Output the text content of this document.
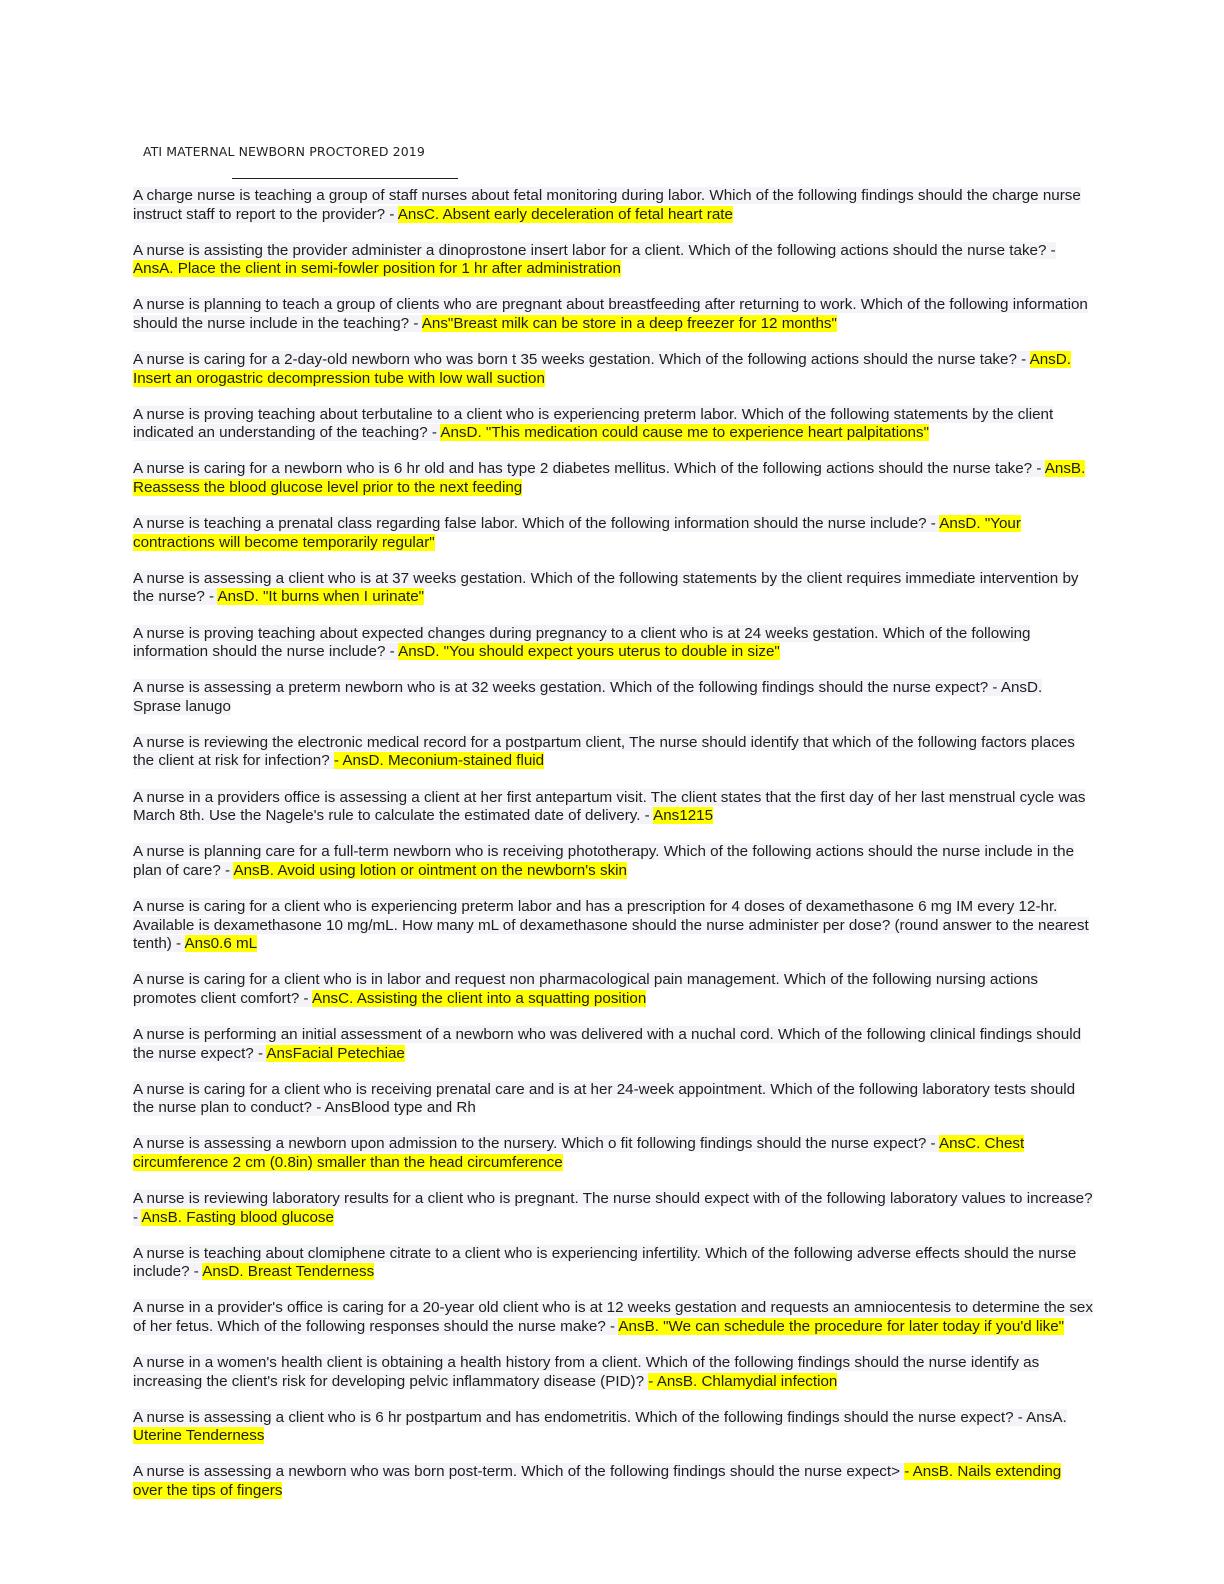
ATI MATERNAL NEWBORN PROCTORED 2019

A charge nurse is teaching a group of staff nurses about fetal monitoring during labor. Which of the following findings should the charge nurse instruct staff to report to the provider? - AnsC. Absent early deceleration of fetal heart rate

A nurse is assisting the provider administer a dinoprostone insert labor for a client. Which of the following actions should the nurse take? - AnsA. Place the client in semi-fowler position for 1 hr after administration

A nurse is planning to teach a group of clients who are pregnant about breastfeeding after returning to work. Which of the following information should the nurse include in the teaching? - Ans"Breast milk can be store in a deep freezer for 12 months"

A nurse is caring for a 2-day-old newborn who was born t 35 weeks gestation. Which of the following actions should the nurse take? - AnsD. Insert an orogastric decompression tube with low wall suction

A nurse is proving teaching about terbutaline to a client who is experiencing preterm labor. Which of the following statements by the client indicated an understanding of the teaching? - AnsD. "This medication could cause me to experience heart palpitations"

A nurse is caring for a newborn who is 6 hr old and has type 2 diabetes mellitus. Which of the following actions should the nurse take? - AnsB. Reassess the blood glucose level prior to the next feeding

A nurse is teaching a prenatal class regarding false labor. Which of the following information should the nurse include? - AnsD. "Your contractions will become temporarily regular"

A nurse is assessing a client who is at 37 weeks gestation. Which of the following statements by the client requires immediate intervention by the nurse? - AnsD. "It burns when I urinate"

A nurse is proving teaching about expected changes during pregnancy to a client who is at 24 weeks gestation. Which of the following information should the nurse include? - AnsD. "You should expect yours uterus to double in size"

A nurse is assessing a preterm newborn who is at 32 weeks gestation. Which of the following findings should the nurse expect? - AnsD. Sprase lanugo

A nurse is reviewing the electronic medical record for a postpartum client, The nurse should identify that which of the following factors places the client at risk for infection? - AnsD. Meconium-stained fluid

A nurse in a providers office is assessing a client at her first antepartum visit. The client states that the first day of her last menstrual cycle was March 8th. Use the Nagele's rule to calculate the estimated date of delivery. - Ans1215

A nurse is planning care for a full-term newborn who is receiving phototherapy. Which of the following actions should the nurse include in the plan of care? - AnsB. Avoid using lotion or ointment on the newborn's skin

A nurse is caring for a client who is experiencing preterm labor and has a prescription for 4 doses of dexamethasone 6 mg IM every 12-hr. Available is dexamethasone 10 mg/mL. How many mL of dexamethasone should the nurse administer per dose? (round answer to the nearest tenth) - Ans0.6 mL

A nurse is caring for a client who is in labor and request non pharmacological pain management. Which of the following nursing actions promotes client comfort? - AnsC. Assisting the client into a squatting position

A nurse is performing an initial assessment of a newborn who was delivered with a nuchal cord. Which of the following clinical findings should the nurse expect? - AnsFacial Petechiae

A nurse is caring for a client who is receiving prenatal care and is at her 24-week appointment. Which of the following laboratory tests should the nurse plan to conduct? - AnsBlood type and Rh

A nurse is assessing a newborn upon admission to the nursery. Which o fit following findings should the nurse expect? - AnsC. Chest circumference 2 cm (0.8in) smaller than the head circumference

A nurse is reviewing laboratory results for a client who is pregnant. The nurse should expect with of the following laboratory values to increase? - AnsB. Fasting blood glucose

A nurse is teaching about clomiphene citrate to a client who is experiencing infertility. Which of the following adverse effects should the nurse include? - AnsD. Breast Tenderness

A nurse in a provider's office is caring for a 20-year old client who is at 12 weeks gestation and requests an amniocentesis to determine the sex of her fetus. Which of the following responses should the nurse make? - AnsB. "We can schedule the procedure for later today if you'd like"

A nurse in a women's health client is obtaining a health history from a client. Which of the following findings should the nurse identify as increasing the client's risk for developing pelvic inflammatory disease (PID)? - AnsB. Chlamydial infection

A nurse is assessing a client who is 6 hr postpartum and has endometritis. Which of the following findings should the nurse expect? - AnsA. Uterine Tenderness

A nurse is assessing a newborn who was born post-term. Which of the following findings should the nurse expect> - AnsB. Nails extending over the tips of fingers
